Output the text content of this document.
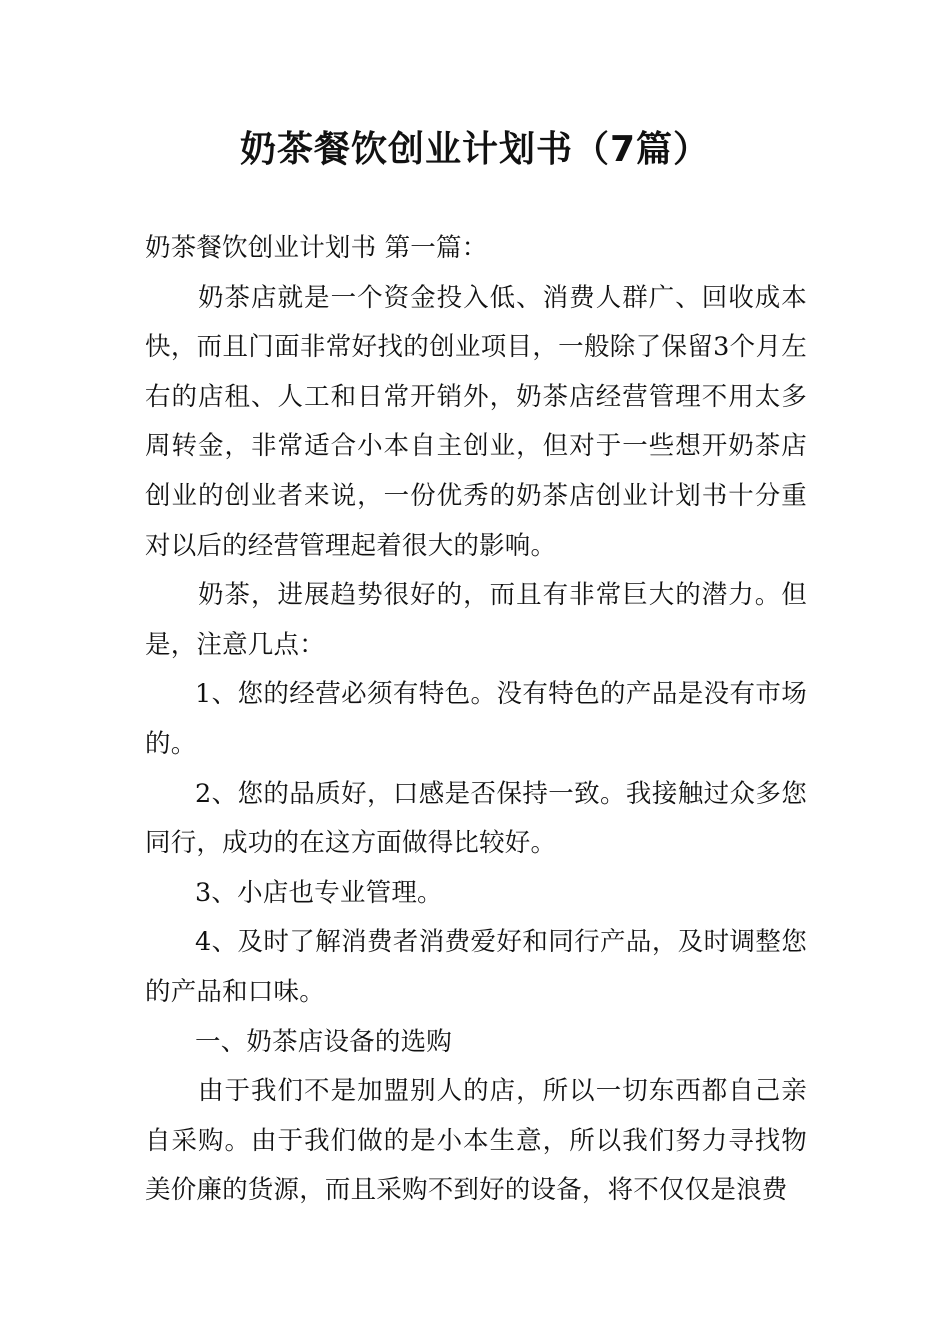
奶茶餐饮创业计划书（7篇）

奶茶餐饮创业计划书 第一篇：

奶茶店就是一个资金投入低、消费人群广、回收成本快，而且门面非常好找的创业项目，一般除了保留3个月左右的店租、人工和日常开销外，奶茶店经营管理不用太多周转金，非常适合小本自主创业，但对于一些想开奶茶店创业的创业者来说，一份优秀的奶茶店创业计划书十分重对以后的经营管理起着很大的影响。

奶茶，进展趋势很好的，而且有非常巨大的潜力。但是，注意几点：

1、您的经营必须有特色。没有特色的产品是没有市场的。

2、您的品质好，口感是否保持一致。我接触过众多您同行，成功的在这方面做得比较好。

3、小店也专业管理。

4、及时了解消费者消费爱好和同行产品，及时调整您的产品和口味。

一、奶茶店设备的选购

由于我们不是加盟别人的店，所以一切东西都自己亲自采购。由于我们做的是小本生意，所以我们努力寻找物美价廉的货源，而且采购不到好的设备，将不仅仅是浪费
